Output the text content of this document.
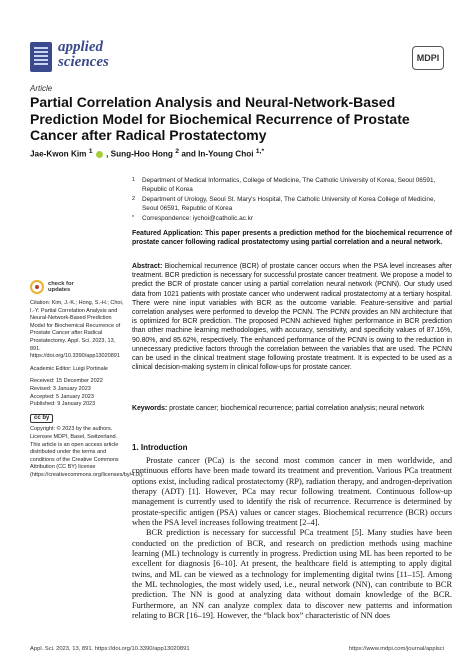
applied
sciences	MDPI
Article
Partial Correlation Analysis and Neural-Network-Based Prediction Model for Biochemical Recurrence of Prostate Cancer after Radical Prostatectomy
Jae-Kwon Kim $^1$ , Sung-Hoo Hong $^2$ and In-Young Choi $^{1,*}$
1	Department of Medical Informatics, College of Medicine, The Catholic University of Korea, Seoul 06591, Republic of Korea
2	Department of Urology, Seoul St. Mary's Hospital, The Catholic University of Korea College of Medicine, Seoul 06591, Republic of Korea
*	Correspondence: iychoi@catholic.ac.kr
Featured Application: This paper presents a prediction method for the biochemical recurrence of prostate cancer following radical prostatectomy using partial correlation and a neural network.
Abstract: Biochemical recurrence (BCR) of prostate cancer occurs when the PSA level increases after treatment. BCR prediction is necessary for successful prostate cancer treatment. We propose a model to predict the BCR of prostate cancer using a partial correlation neural network (PCNN). Our study used data from 1021 patients with prostate cancer who underwent radical prostatectomy at a tertiary hospital. There were nine input variables with BCR as the outcome variable. Feature-sensitive and partial correlation analyses were performed to develop the PCNN. The PCNN provides an NN architecture that is optimized for BCR prediction. The proposed PCNN achieved higher performance in BCR prediction than other machine learning methodologies, with accuracy, sensitivity, and specificity values of 87.16%, 90.80%, and 85.62%, respectively. The enhanced performance of the PCNN is owing to the reduction in unnecessary predictive factors through the correlation between the variables that are used. The PCNN can be used in the clinical treatment stage following prostate treatment. It is expected to be used as a clinical decision-making system in clinical follow-ups for prostate cancer.
Keywords: prostate cancer; biochemical recurrence; partial correlation analysis; neural network
check for
updates

Citation: Kim, J.-K.; Hong, S.-H.; Choi, I.-Y. Partial Correlation Analysis and Neural-Network-Based Prediction Model for Biochemical Recurrence of Prostate Cancer after Radical Prostatectomy. Appl. Sci. 2023, 13, 891. https://doi.org/10.3390/app13020891

Academic Editor: Luigi Portinale

Received: 15 December 2022
Revised: 3 January 2023
Accepted: 5 January 2023
Published: 9 January 2023
cc by

Copyright: © 2023 by the authors. Licensee MDPI, Basel, Switzerland. This article is an open access article distributed under the terms and conditions of the Creative Commons Attribution (CC BY) license (https://creativecommons.org/licenses/by/4.0/).

1. Introduction

Prostate cancer (PCa) is the second most common cancer in men worldwide, and continuous efforts have been made toward its treatment and prevention. Various PCa treatment options exist, including radical prostatectomy (RP), radiation therapy, and androgen-deprivation therapy (ADT) [1]. However, PCa may recur following treatment. Continuous follow-up management is currently used to identify the risk of recurrence. Recurrence is determined by prostate-specific antigen (PSA) values or cancer stages. Biochemical recurrence (BCR) occurs when the PSA level increases following treatment [2–4].

BCR prediction is necessary for successful PCa treatment [5]. Many studies have been conducted on the prediction of BCR, and research on prediction methods using machine learning (ML) technology is currently in progress. Prediction using ML has been reported to be excellent for diagnosis [6–10]. At present, the healthcare field is attempting to apply digital twins, and ML can be viewed as a technology for implementing digital twins [11–15]. Among the ML technologies, the most widely used, i.e., neural network (NN), can contribute to BCR prediction. The NN is good at analyzing data without domain knowledge of the BCR. Furthermore, an NN can analyze complex data to discover new patterns and information relating to BCR [16–19]. However, the “black box” characteristic of NN does

Appl. Sci. 2023, 13, 891. https://doi.org/10.3390/app13020891	https://www.mdpi.com/journal/applsci
